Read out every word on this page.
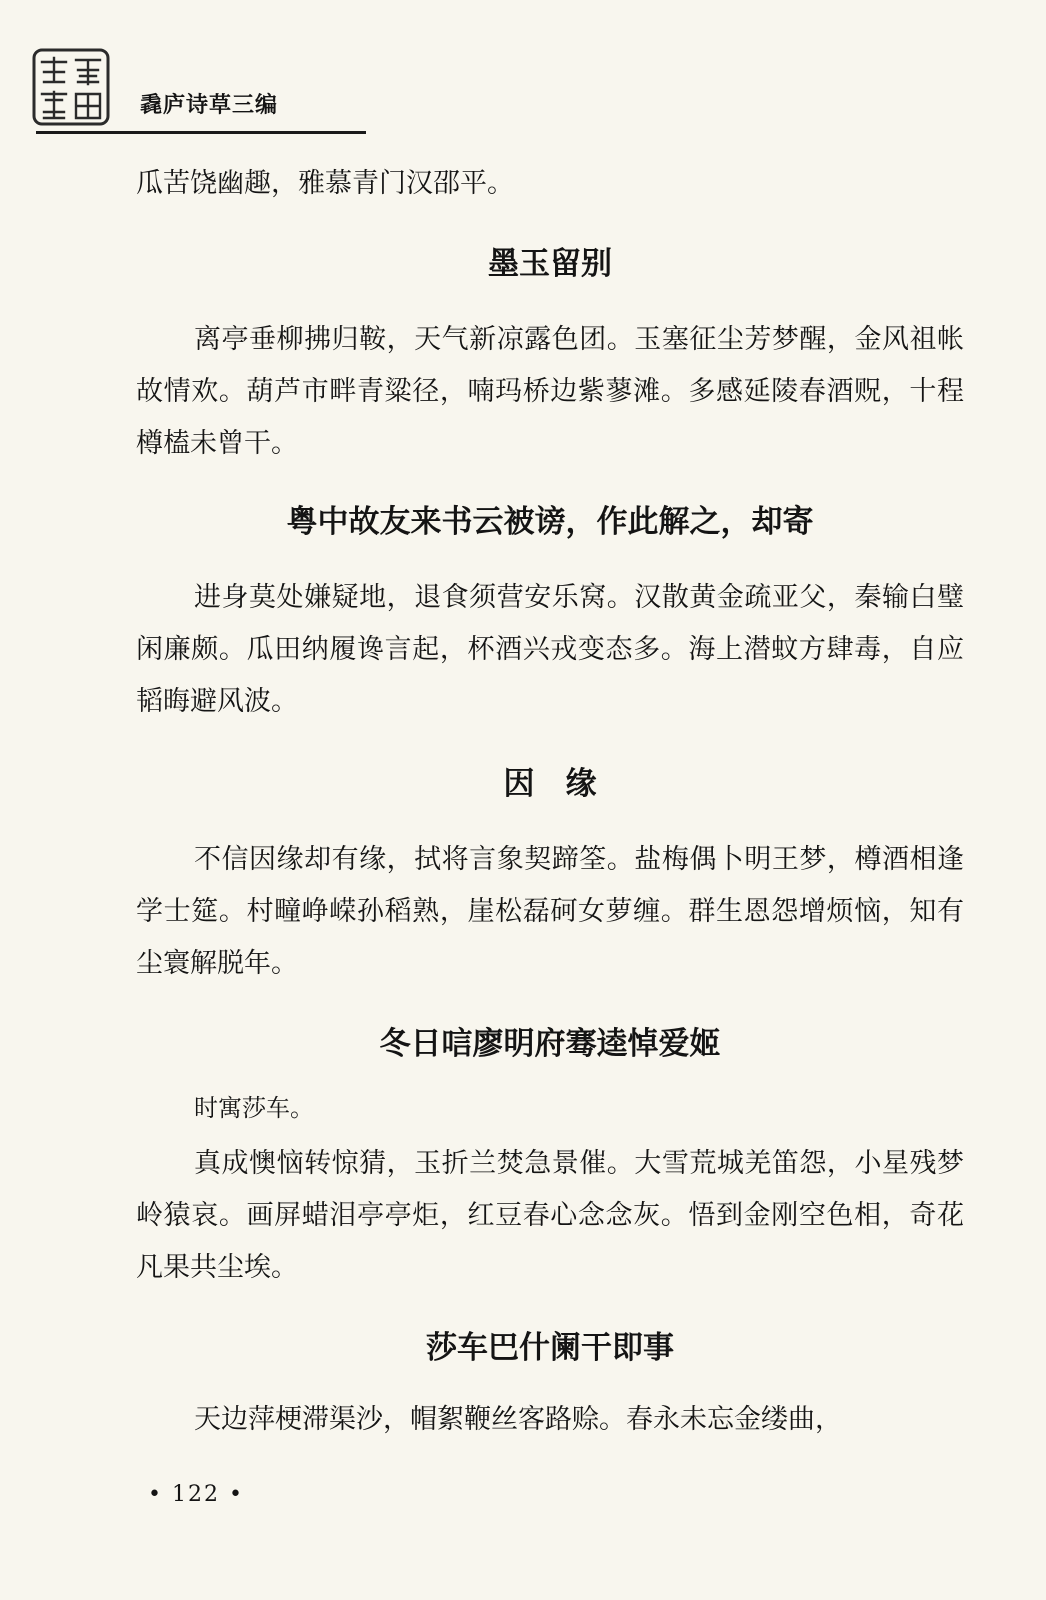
毳庐诗草三编

瓜苦饶幽趣，雅慕青门汉邵平。

墨玉留别

离亭垂柳拂归鞍，天气新凉露色团。玉塞征尘芳梦醒，金风祖帐故情欢。葫芦市畔青粱径，喃玛桥边紫蓼滩。多感延陵春酒贶，十程樽榼未曾干。

粤中故友来书云被谤，作此解之，却寄

进身莫处嫌疑地，退食须营安乐窝。汉散黄金疏亚父，秦输白璧闲廉颇。瓜田纳履谗言起，杯酒兴戎变态多。海上潜蚊方肆毒，自应韬晦避风波。

因　缘

不信因缘却有缘，拭将言象契蹄筌。盐梅偶卜明王梦，樽酒相逢学士筵。村疃峥嵘孙稻熟，崖松磊砢女萝缠。群生恩怨增烦恼，知有尘寰解脱年。

冬日唁廖明府骞逵悼爱姬

时寓莎车。

真成懊恼转惊猜，玉折兰焚急景催。大雪荒城羌笛怨，小星残梦岭猿哀。画屏蜡泪亭亭炬，红豆春心念念灰。悟到金刚空色相，奇花凡果共尘埃。

莎车巴什阑干即事

天边萍梗滞渠沙，帽絮鞭丝客路赊。春永未忘金缕曲，

• 122 •
